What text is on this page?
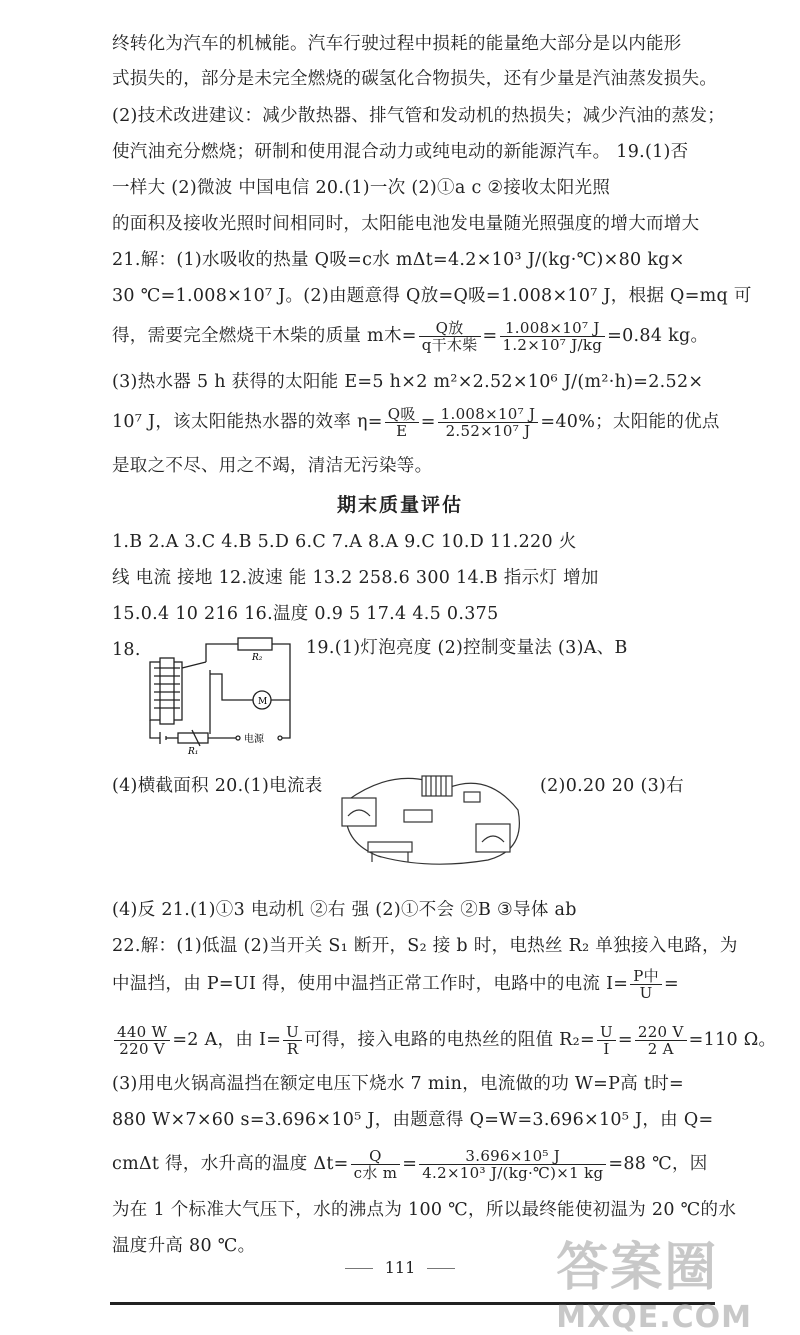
终转化为汽车的机械能。汽车行驶过程中损耗的能量绝大部分是以内能形
式损失的，部分是未完全燃烧的碳氢化合物损失，还有少量是汽油蒸发损失。
(2)技术改进建议：减少散热器、排气管和发动机的热损失；减少汽油的蒸发；
使汽油充分燃烧；研制和使用混合动力或纯电动的新能源汽车。 19.(1)否
一样大 (2)微波 中国电信 20.(1)一次 (2)①a c ②接收太阳光照
的面积及接收光照时间相同时，太阳能电池发电量随光照强度的增大而增大
21.解：(1)水吸收的热量 Q吸=c水 mΔt=4.2×10³ J/(kg·℃)×80 kg×
30 ℃=1.008×10⁷ J。(2)由题意得 Q放=Q吸=1.008×10⁷ J，根据 Q=mq 可
得，需要完全燃烧干木柴的质量 m木= $\frac{\text{Q放}}{\text{q干木柴}} = \frac{\text{1.008×10⁷ J}}{\text{1.2×10⁷ J/kg}} =0.84$ kg。
(3)热水器 5 h 获得的太阳能 E=5 h×2 m²×2.52×10⁶ J/(m²·h)=2.52×
10⁷ J，该太阳能热水器的效率 $\eta= \frac{\text{Q吸}}{E} = \frac{\text{1.008×10⁷ J}}{\text{2.52×10⁷ J}} =40\%$；太阳能的优点
是取之不尽、用之不竭，清洁无污染等。
期末质量评估
1.B 2.A 3.C 4.B 5.D 6.C 7.A 8.A 9.C 10.D 11.220 火
线 电流 接地 12.波速 能 13.2 258.6 300 14.B 指示灯 增加
15.0.4 10 216 16.温度 0.9 5 17.4 4.5 0.375
18.	R₂
M
R₁
电源
19.(1)灯泡亮度 (2)控制变量法 (3)A、B
(4)横截面积 20.(1)电流表	(2)0.20 20 (3)右
(4)反 21.(1)①3 电动机 ②右 强 (2)①不会 ②B ③导体 ab
22.解：(1)低温 (2)当开关 S₁ 断开，S₂ 接 b 时，电热丝 R₂ 单独接入电路，为
中温挡，由 P=UI 得，使用中温挡正常工作时，电路中的电流 $I= \frac{\text{P中}}{U}$ =
$\frac{440 W}{220 V} =2$ A，由 $I= \frac{U}{R}$ 可得，接入电路的电热丝的阻值 $R_2= \frac{U}{I} = \frac{220 V}{2 A} =110$ Ω。
(3)用电火锅高温挡在额定电压下烧水 7 min，电流做的功 W=P高 t时=
880 W×7×60 s=3.696×10⁵ J，由题意得 Q=W=3.696×10⁵ J，由 Q=
cmΔt 得，水升高的温度 $\Delta t= \frac{Q}{\text{c水 m}} = \frac{\text{3.696×10⁵ J}}{\text{4.2×10³ J/(kg·℃)×1 kg}} =88$ ℃，因
为在 1 个标准大气压下，水的沸点为 100 ℃，所以最终能使初温为 20 ℃的水
温度升高 80 ℃。
111	答案圈
MXQE.COM
